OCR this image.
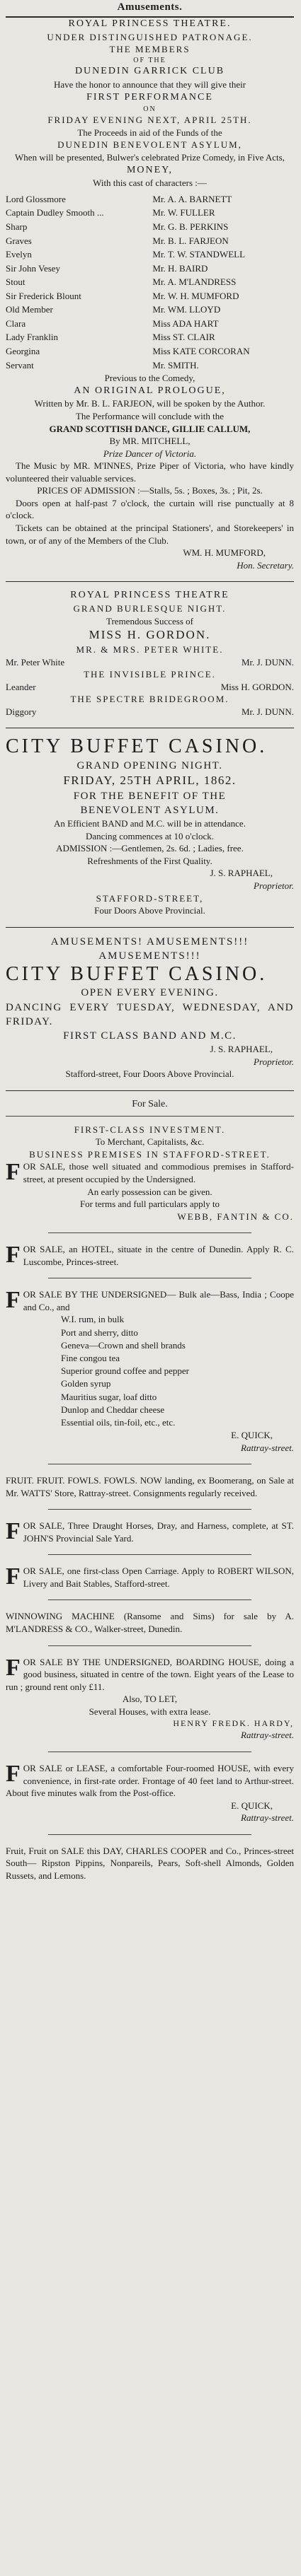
Amusements.

ROYAL PRINCESS THEATRE.

UNDER DISTINGUISHED PATRONAGE.

THE MEMBERS

OF THE

DUNEDIN GARRICK CLUB

Have the honor to announce that they will give their

FIRST PERFORMANCE

ON

FRIDAY EVENING NEXT, APRIL 25TH.

The Proceeds in aid of the Funds of the

DUNEDIN BENEVOLENT ASYLUM,

When will be presented, Bulwer's celebrated Prize Comedy, in Five Acts,

MONEY,

With this cast of characters :—

Lord Glossmore	Mr. A. A. BARNETT
Captain Dudley Smooth ...	Mr. W. FULLER
Sharp	Mr. G. B. PERKINS
Graves	Mr. B. L. FARJEON
Evelyn	Mr. T. W. STANDWELL
Sir John Vesey	Mr. H. BAIRD
Stout	Mr. A. M'LANDRESS
Sir Frederick Blount	Mr. W. H. MUMFORD
Old Member	Mr. WM. LLOYD
Clara	Miss ADA HART
Lady Franklin	Miss ST. CLAIR
Georgina	Miss KATE CORCORAN
Servant	Mr. SMITH.

Previous to the Comedy,

AN ORIGINAL PROLOGUE,

Written by Mr. B. L. FARJEON, will be spoken by the Author.

The Performance will conclude with the

GRAND SCOTTISH DANCE, GILLIE CALLUM,

By MR. MITCHELL,

Prize Dancer of Victoria.

The Music by MR. M'INNES, Prize Piper of Victoria, who have kindly volunteered their valuable services.

PRICES OF ADMISSION :—Stalls, 5s. ; Boxes, 3s. ; Pit, 2s.

Doors open at half-past 7 o'clock, the curtain will rise punctually at 8 o'clock.

Tickets can be obtained at the principal Stationers', and Storekeepers' in town, or of any of the Members of the Club.

WM. H. MUMFORD,

Hon. Secretary.

ROYAL PRINCESS THEATRE

GRAND BURLESQUE NIGHT.

Tremendous Success of

MISS H. GORDON.

MR. & MRS. PETER WHITE.

Mr. Peter White	Mr. J. DUNN.

THE INVISIBLE PRINCE.

Leander	Miss H. GORDON.

THE SPECTRE BRIDEGROOM.

Diggory	Mr. J. DUNN.

CITY BUFFET CASINO.

GRAND OPENING NIGHT.

FRIDAY, 25TH APRIL, 1862.

FOR THE BENEFIT OF THE

BENEVOLENT ASYLUM.

An Efficient BAND and M.C. will be in attendance.

Dancing commences at 10 o'clock.

ADMISSION :—Gentlemen, 2s. 6d. ; Ladies, free.

Refreshments of the First Quality.

J. S. RAPHAEL,

Proprietor.

STAFFORD-STREET,

Four Doors Above Provincial.

AMUSEMENTS! AMUSEMENTS!!!

AMUSEMENTS!!!

CITY BUFFET CASINO.

OPEN EVERY EVENING.

DANCING EVERY TUESDAY, WEDNESDAY, AND FRIDAY.

FIRST CLASS BAND AND M.C.

J. S. RAPHAEL,

Proprietor.

Stafford-street, Four Doors Above Provincial.

For Sale.

FIRST-CLASS INVESTMENT.

To Merchant, Capitalists, &c.

BUSINESS PREMISES IN STAFFORD-STREET.

FOR SALE, those well situated and commodious premises in Stafford-street, at present occupied by the Undersigned.

An early possession can be given.

For terms and full particulars apply to

WEBB, FANTIN & CO.

FOR SALE, an HOTEL, situate in the centre of Dunedin. Apply R. C. Luscombe, Princes-street.

FOR SALE BY THE UNDERSIGNED— Bulk ale—Bass, India ; Coope and Co., and

W.I. rum, in bulk
Port and sherry, ditto
Geneva—Crown and shell brands
Fine congou tea
Superior ground coffee and pepper
Golden syrup
Mauritius sugar, loaf ditto
Dunlop and Cheddar cheese
Essential oils, tin-foil, etc., etc.

E. QUICK,

Rattray-street.

FRUIT. FRUIT. FOWLS. FOWLS. NOW landing, ex Boomerang, on Sale at Mr. WATTS' Store, Rattray-street. Consignments regularly received.

FOR SALE, Three Draught Horses, Dray, and Harness, complete, at ST. JOHN'S Provincial Sale Yard.

FOR SALE, one first-class Open Carriage. Apply to ROBERT WILSON, Livery and Bait Stables, Stafford-street.

WINNOWING MACHINE (Ransome and Sims) for sale by A. M'LANDRESS & CO., Walker-street, Dunedin.

FOR SALE BY THE UNDERSIGNED, BOARDING HOUSE, doing a good business, situated in centre of the town. Eight years of the Lease to run ; ground rent only £11.

Also, TO LET,

Several Houses, with extra lease.

HENRY FREDK. HARDY,

Rattray-street.

FOR SALE or LEASE, a comfortable Four-roomed HOUSE, with every convenience, in first-rate order. Frontage of 40 feet land to Arthur-street. About five minutes walk from the Post-office.

E. QUICK,

Rattray-street.

Fruit, Fruit on SALE this DAY, CHARLES COOPER and Co., Princes-street South— Ripston Pippins, Nonpareils, Pears, Soft-shell Almonds, Golden Russets, and Lemons.
